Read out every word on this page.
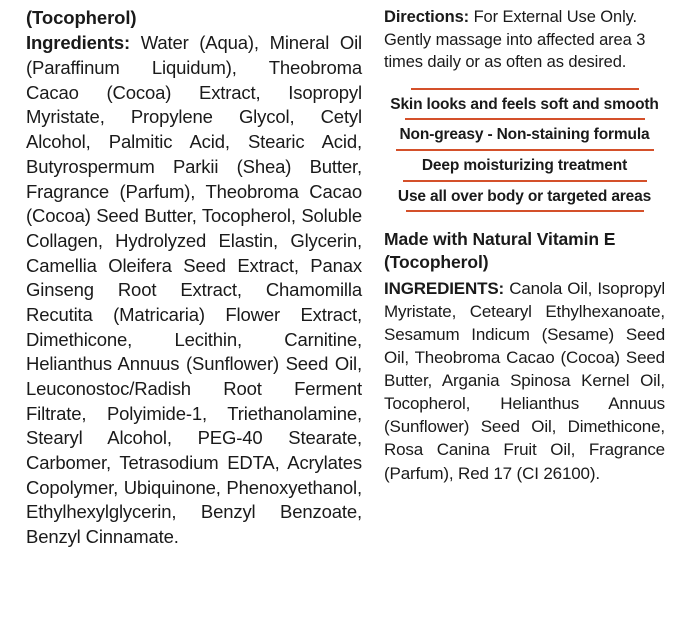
(Tocopherol)
Ingredients: Water (Aqua), Mineral Oil (Paraffinum Liquidum), Theobroma Cacao (Cocoa) Extract, Isopropyl Myristate, Propylene Glycol, Cetyl Alcohol, Palmitic Acid, Stearic Acid, Butyrospermum Parkii (Shea) Butter, Fragrance (Parfum), Theobroma Cacao (Cocoa) Seed Butter, Tocopherol, Soluble Collagen, Hydrolyzed Elastin, Glycerin, Camellia Oleifera Seed Extract, Panax Ginseng Root Extract, Chamomilla Recutita (Matricaria) Flower Extract, Dimethicone, Lecithin, Carnitine, Helianthus Annuus (Sunflower) Seed Oil, Leuconostoc/Radish Root Ferment Filtrate, Polyimide-1, Triethanolamine, Stearyl Alcohol, PEG-40 Stearate, Carbomer, Tetrasodium EDTA, Acrylates Copolymer, Ubiquinone, Phenoxyethanol, Ethylhexylglycerin, Benzyl Benzoate, Benzyl Cinnamate.
Directions: For External Use Only. Gently massage into affected area 3 times daily or as often as desired.
Skin looks and feels soft and smooth
Non-greasy - Non-staining formula
Deep moisturizing treatment
Use all over body or targeted areas
Made with Natural Vitamin E (Tocopherol)
INGREDIENTS: Canola Oil, Isopropyl Myristate, Cetearyl Ethylhexanoate, Sesamum Indicum (Sesame) Seed Oil, Theobroma Cacao (Cocoa) Seed Butter, Argania Spinosa Kernel Oil, Tocopherol, Helianthus Annuus (Sunflower) Seed Oil, Dimethicone, Rosa Canina Fruit Oil, Fragrance (Parfum), Red 17 (CI 26100).
